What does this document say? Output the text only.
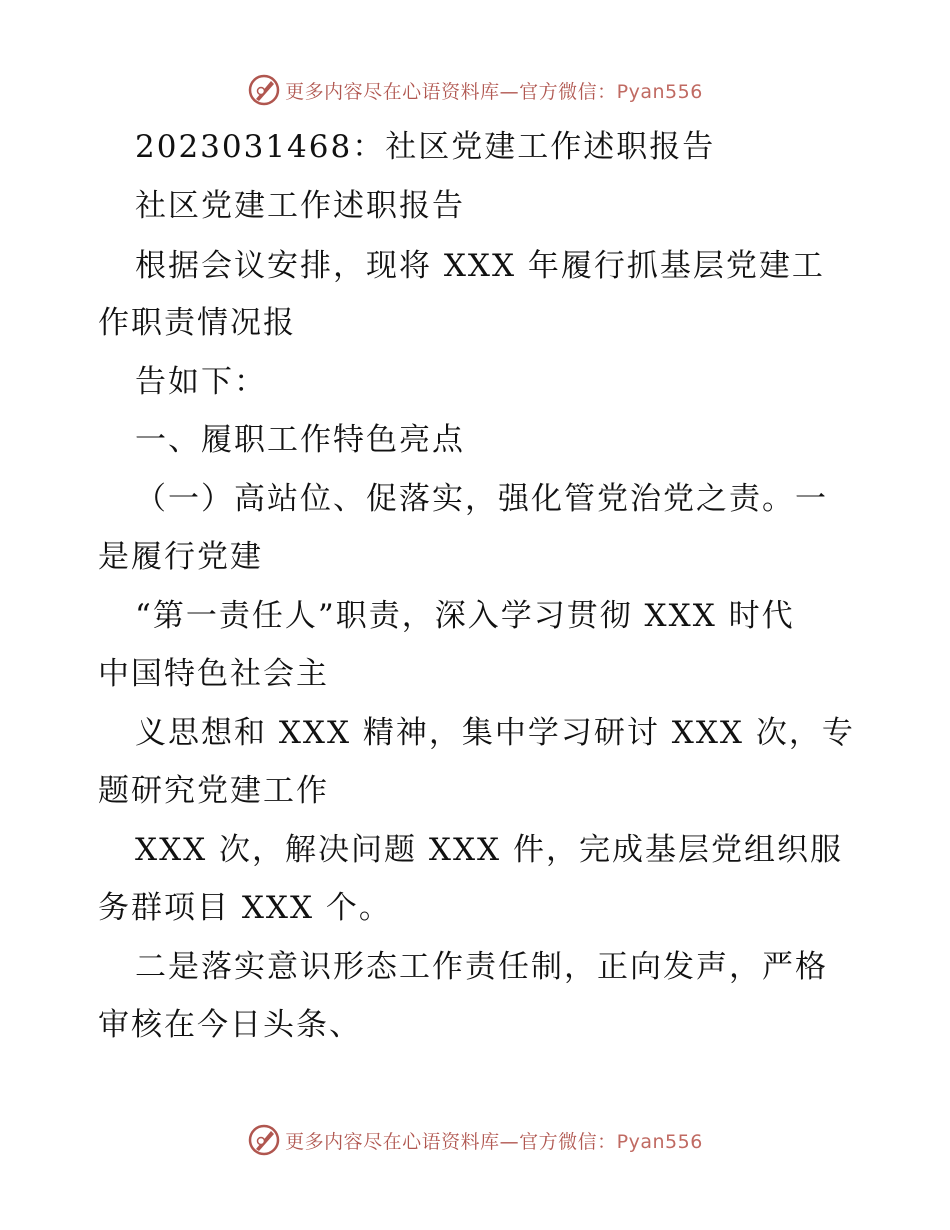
更多内容尽在心语资料库—官方微信：Pyan556
2023031468：社区党建工作述职报告
社区党建工作述职报告
根据会议安排，现将 XXX 年履行抓基层党建工
作职责情况报
告如下：
一、履职工作特色亮点
（一）高站位、促落实，强化管党治党之责。一
是履行党建
“第一责任人”职责，深入学习贯彻 XXX 时代
中国特色社会主
义思想和 XXX 精神，集中学习研讨 XXX 次，专
题研究党建工作
XXX 次，解决问题 XXX 件，完成基层党组织服
务群项目 XXX 个。
二是落实意识形态工作责任制，正向发声，严格
审核在今日头条、
更多内容尽在心语资料库—官方微信：Pyan556
